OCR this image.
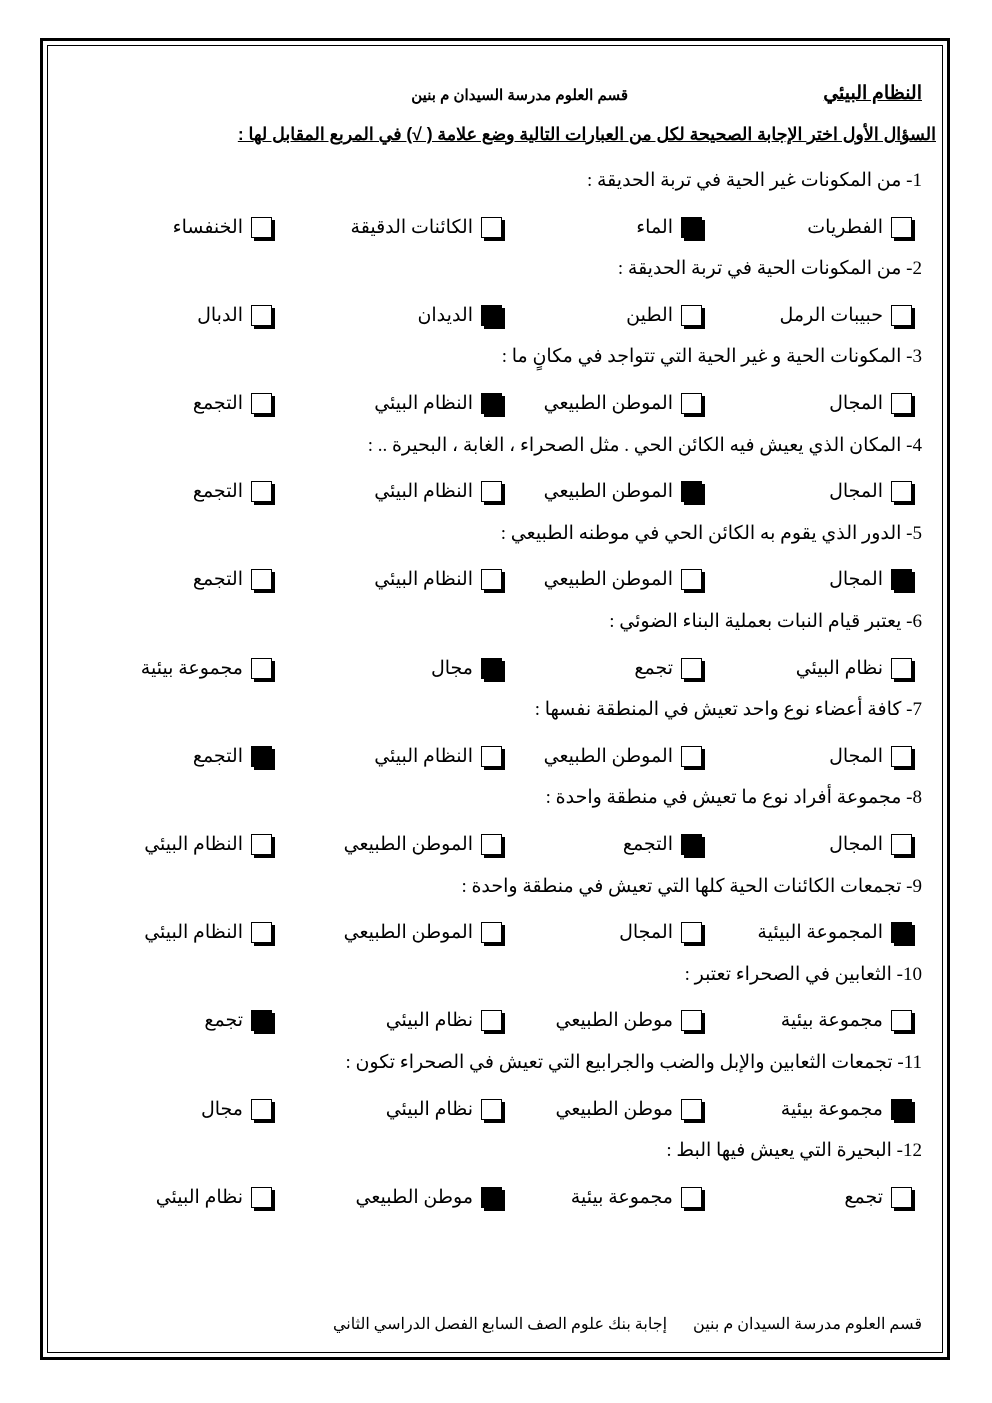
النظام البيئي
قسم العلوم مدرسة السيدان م بنين
السؤال الأول اختر الإجابة الصحيحة لكل من العبارات التالية وضع علامة ( √) في المربع المقابل لها :
1- من المكونات غير الحية في تربة الحديقة :
الفطريات
الماء
الكائنات الدقيقة
الخنفساء
2- من المكونات الحية في تربة الحديقة :
حبيبات الرمل
الطين
الديدان
الدبال
3- المكونات الحية و غير الحية التي تتواجد في مكانٍ ما :
المجال
الموطن الطبيعي
النظام البيئي
التجمع
4- المكان الذي يعيش فيه الكائن الحي . مثل الصحراء ، الغابة ، البحيرة .. :
المجال
الموطن الطبيعي
النظام البيئي
التجمع
5- الدور الذي يقوم به الكائن الحي في موطنه الطبيعي :
المجال
الموطن الطبيعي
النظام البيئي
التجمع
6- يعتبر قيام النبات بعملية البناء الضوئي :
نظام البيئي
تجمع
مجال
مجموعة بيئية
7- كافة أعضاء نوع واحد تعيش في المنطقة نفسها :
المجال
الموطن الطبيعي
النظام البيئي
التجمع
8- مجموعة أفراد نوع ما تعيش في منطقة واحدة :
المجال
التجمع
الموطن الطبيعي
النظام البيئي
9- تجمعات الكائنات الحية كلها التي تعيش في منطقة واحدة :
المجموعة البيئية
المجال
الموطن الطبيعي
النظام البيئي
10- الثعابين في الصحراء تعتبر :
مجموعة بيئية
موطن الطبيعي
نظام البيئي
تجمع
11- تجمعات الثعابين والإبل والضب والجرابيع التي تعيش في الصحراء تكون :
مجموعة بيئية
موطن الطبيعي
نظام البيئي
مجال
12- البحيرة التي يعيش فيها البط :
تجمع
مجموعة بيئية
موطن الطبيعي
نظام البيئي
قسم العلوم مدرسة السيدان م بنينإجابة بنك علوم الصف السابع الفصل الدراسي الثاني
